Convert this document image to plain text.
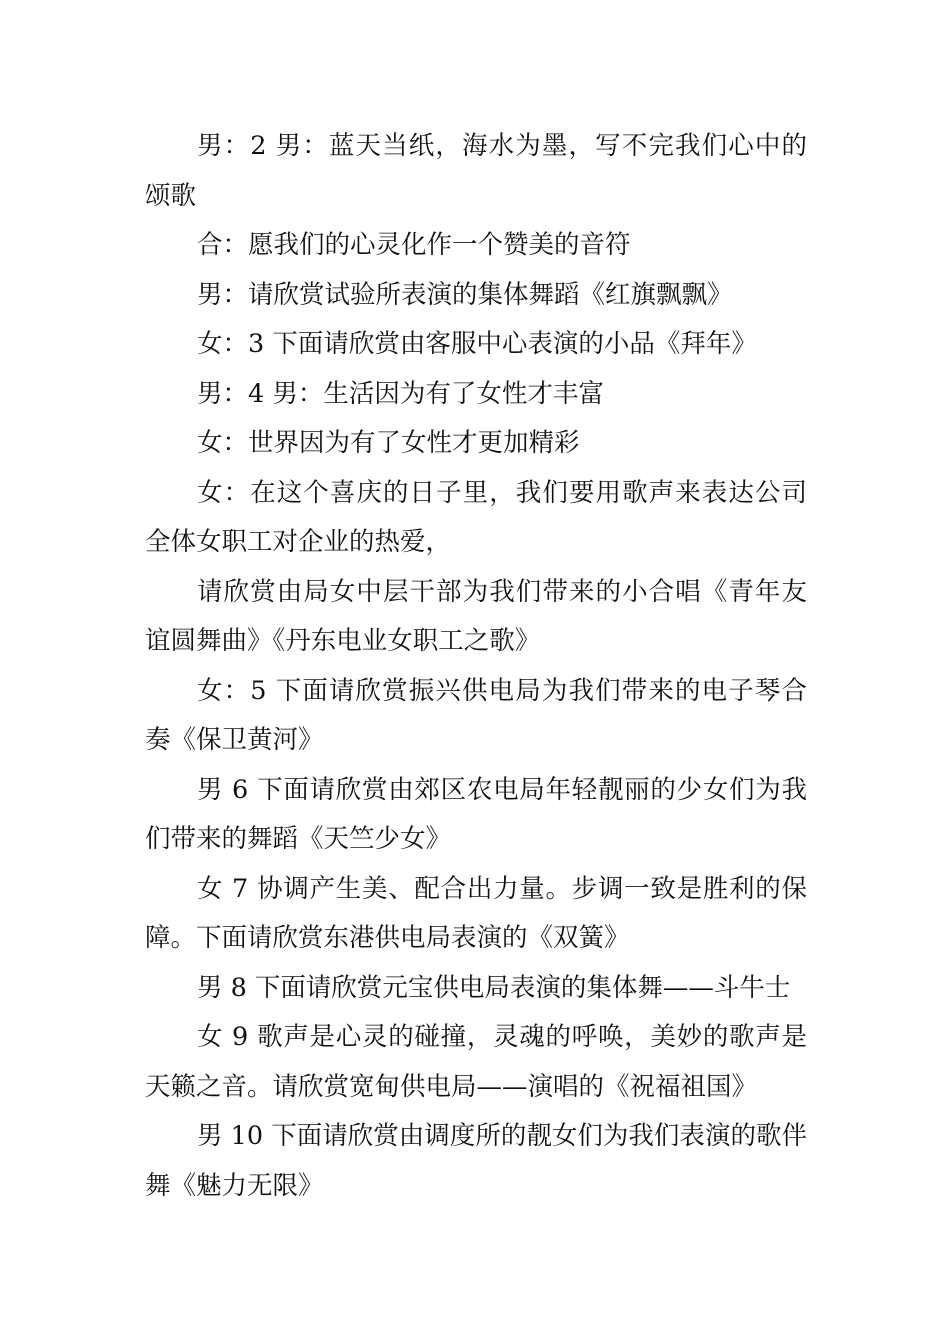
男：2 男：蓝天当纸，海水为墨，写不完我们心中的颂歌

合：愿我们的心灵化作一个赞美的音符

男：请欣赏试验所表演的集体舞蹈《红旗飘飘》

女：3 下面请欣赏由客服中心表演的小品《拜年》

男：4 男：生活因为有了女性才丰富

女：世界因为有了女性才更加精彩

女：在这个喜庆的日子里，我们要用歌声来表达公司全体女职工对企业的热爱，

请欣赏由局女中层干部为我们带来的小合唱《青年友谊圆舞曲》《丹东电业女职工之歌》

女：5 下面请欣赏振兴供电局为我们带来的电子琴合奏《保卫黄河》

男 6 下面请欣赏由郊区农电局年轻靓丽的少女们为我们带来的舞蹈《天竺少女》

女 7 协调产生美、配合出力量。步调一致是胜利的保障。下面请欣赏东港供电局表演的《双簧》

男 8 下面请欣赏元宝供电局表演的集体舞——斗牛士

女 9 歌声是心灵的碰撞，灵魂的呼唤，美妙的歌声是天籁之音。请欣赏宽甸供电局——演唱的《祝福祖国》

男 10 下面请欣赏由调度所的靓女们为我们表演的歌伴舞《魅力无限》
